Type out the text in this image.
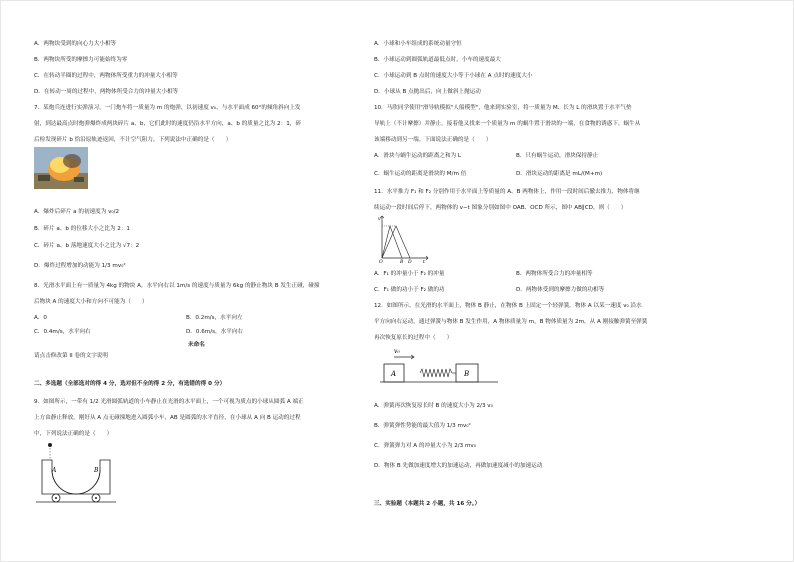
A．两物块受到的向心力大小相等
B．两物块所受的摩擦力可能始终为零
C．在转动半圈的过程中，两物体所受重力的冲量大小相等
D．在转动一周的过程中，两物体所受合力的冲量大小相等
7．某炮兵连进行实弹演习，一门炮车将一质量为 m 的炮弹，以初速度 v₀、与水平面成 60°的倾角斜向上发
射，到达最高点时炮弹爆炸成两块碎片 a、b，它们此时的速度仍沿水平方向，a、b 的质量之比为 2：1，碎
后检发现碎片 b 恰沿原轨迹返回，不计空气阻力，下列说法中正确的是（　　）
A．爆炸后碎片 a 的初速度为 v₀/2
B．碎片 a、b 的位移大小之比为 2：1
C．碎片 a、b 落地速度大小之比为 √7：2
D．爆炸过程增加的动能为 1/3 mv₀²
8．光滑水平面上有一质量为 4kg 的物块 A，水平向右以 1m/s 的速度与质量为 6kg 的静止物块 B 发生正碰，碰撞
后物块 A 的速度大小和方向不可能为（　　）
A．0	B．0.2m/s，水平向左
C．0.4m/s，水平向右	D．0.6m/s，水平向右
未命名
请点击修改第 II 卷的文字说明
二、多选题（全部选对的得 4 分，选对但不全的得 2 分，有选错的得 0 分）
9．如图所示，一带有 1/2 光滑圆弧轨道的小车静止在光滑的水平面上，一个可视为质点的小球从圆弧 A 端正
上方由静止释放，刚好从 A 点无碰撞地进入圆弧小车，AB 是圆弧的水平直径，在小球从 A 向 B 运动的过程
中，下列说法正确的是（　　）
A	B
A．小球和小车组成的系统动量守恒
B．小球运动到圆弧轨道最低点时，小车的速度最大
C．小球运动到 B 点时的速度大小等于小球在 A 点时的速度大小
D．小球从 B 点抛出后，向上做斜上抛运动
10．马欣同学使用"滑导轨模拟"人船模型"，他来到实验室，将一质量为 M、长为 L 的滑块置于水平气垫
导轨上（不计摩擦）并静止。接着他又找来一个质量为 m 的蜗牛置于滑块的一端，在食物的诱惑下，蜗牛从
该端移动到另一端。下面说法正确的是（　　）
A．滑块与蜗牛运动的距离之和为 L	B．只有蜗牛运动，滑块保持静止
C．蜗牛运动的距离是滑块的 M/m 倍	D．滑块运动的距离是 mL/(M+m)
11．水平推力 F₁ 和 F₂ 分别作用于水平面上等质量的 A、B 两物体上，作用一段时间后撤去推力，物体将继
续运动一段时间后停下，两物体的 v−t 图象分别如图中 OAB、OCD 所示，图中 AB∥CD，则（　　）
v
O	B D	t
A．F₁ 的冲量小于 F₂ 的冲量	B．两物体所受合力的冲量相等
C．F₁ 做的功小于 F₂ 做的功	D．两物体受到的摩擦力做的功相等
12．如图所示，在光滑的水平面上，物体 B 静止，在物体 B 上固定一个轻弹簧。物体 A 以某一速度 v₀ 沿水
平方向向右运动，通过弹簧与物体 B 发生作用，A 物体质量为 m，B 物体质量为 2m，从 A 刚接触弹簧至弹簧
再次恢复原长的过程中（　　）
v₀
A	B
A．弹簧再次恢复原长时 B 的速度大小为 2/3 v₀
B．弹簧弹性势能的最大值为 1/3 mv₀²
C．弹簧弹力对 A 的冲量大小为 2/3 mv₀
D．物体 B 先做加速度增大的加速运动，再做加速度减小的加速运动
三、实验题（本题共 2 小题，共 16 分。）
